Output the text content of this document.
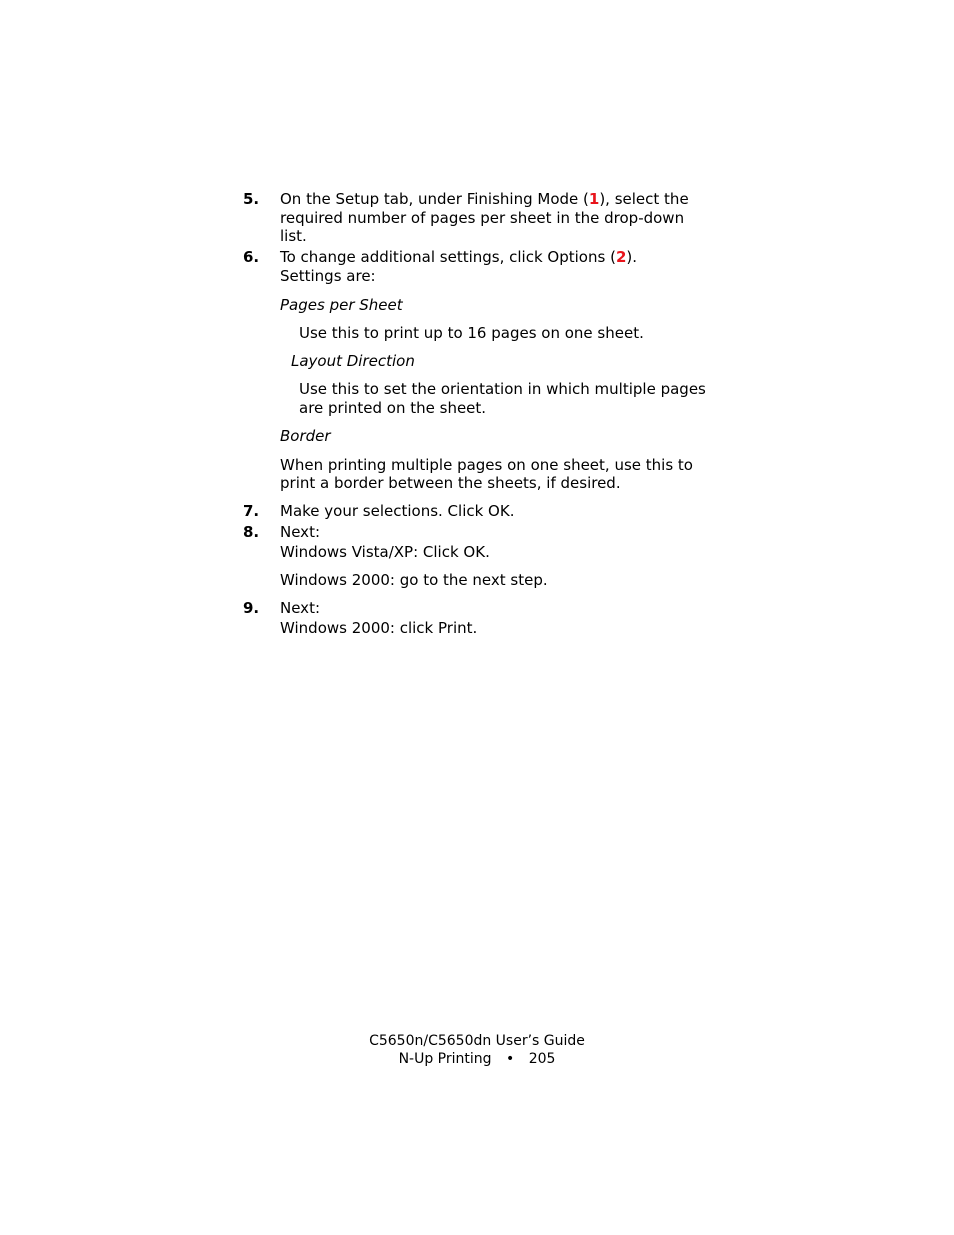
5. On the Setup tab, under Finishing Mode (1), select the
required number of pages per sheet in the drop-down
list.
6. To change additional settings, click Options (2).
Settings are:
Pages per Sheet
Use this to print up to 16 pages on one sheet.
Layout Direction
Use this to set the orientation in which multiple pages
are printed on the sheet.
Border
When printing multiple pages on one sheet, use this to
print a border between the sheets, if desired.
7. Make your selections. Click OK.
8. Next:
Windows Vista/XP: Click OK.
Windows 2000: go to the next step.
9. Next:
Windows 2000: click Print.
C5650n/C5650dn User’s Guide
N-Up Printing • 205
